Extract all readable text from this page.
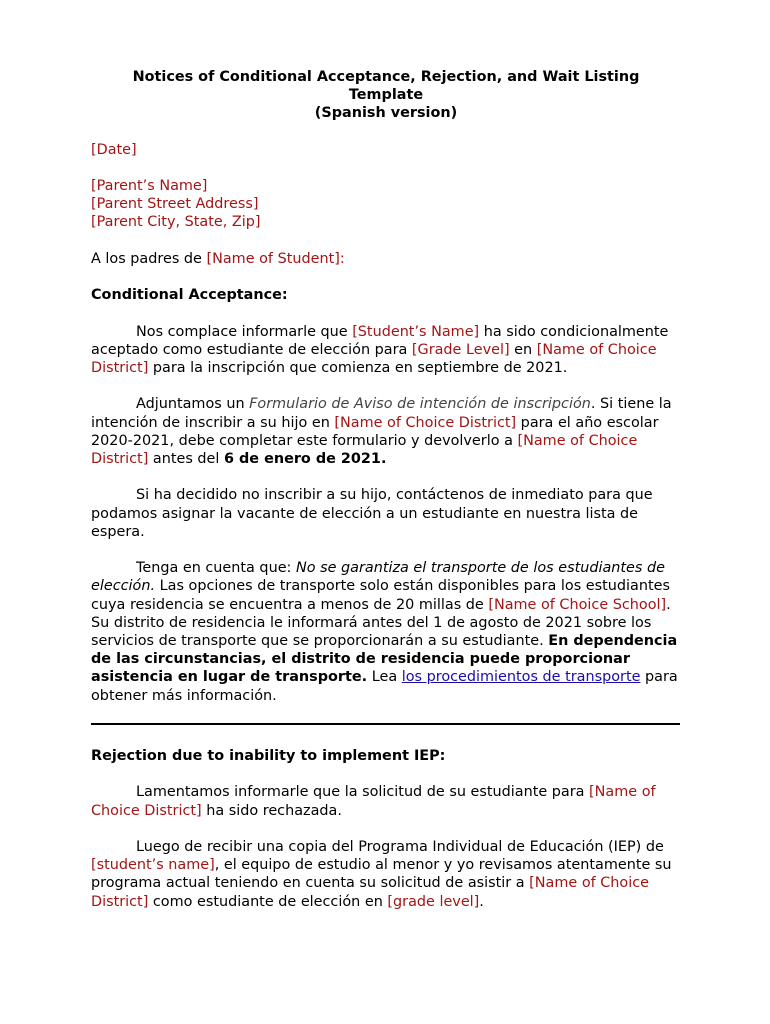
Notices of Conditional Acceptance, Rejection, and Wait Listing
Template
(Spanish version)

[Date]

[Parent’s Name]

[Parent Street Address]

[Parent City, State, Zip]

A los padres de [Name of Student]:

Conditional Acceptance:

Nos complace informarle que [Student’s Name] ha sido condicionalmente aceptado como estudiante de elección para [Grade Level] en [Name of Choice District] para la inscripción que comienza en septiembre de 2021.

Adjuntamos un Formulario de Aviso de intención de inscripción. Si tiene la intención de inscribir a su hijo en [Name of Choice District] para el año escolar 2020-2021, debe completar este formulario y devolverlo a [Name of Choice District] antes del 6 de enero de 2021.

Si ha decidido no inscribir a su hijo, contáctenos de inmediato para que podamos asignar la vacante de elección a un estudiante en nuestra lista de espera.

Tenga en cuenta que: No se garantiza el transporte de los estudiantes de elección. Las opciones de transporte solo están disponibles para los estudiantes cuya residencia se encuentra a menos de 20 millas de [Name of Choice School]. Su distrito de residencia le informará antes del 1 de agosto de 2021 sobre los servicios de transporte que se proporcionarán a su estudiante. En dependencia de las circunstancias, el distrito de residencia puede proporcionar asistencia en lugar de transporte. Lea los procedimientos de transporte para obtener más información.

Rejection due to inability to implement IEP:

Lamentamos informarle que la solicitud de su estudiante para [Name of Choice District] ha sido rechazada.

Luego de recibir una copia del Programa Individual de Educación (IEP) de [student’s name], el equipo de estudio al menor y yo revisamos atentamente su programa actual teniendo en cuenta su solicitud de asistir a [Name of Choice District] como estudiante de elección en [grade level].
